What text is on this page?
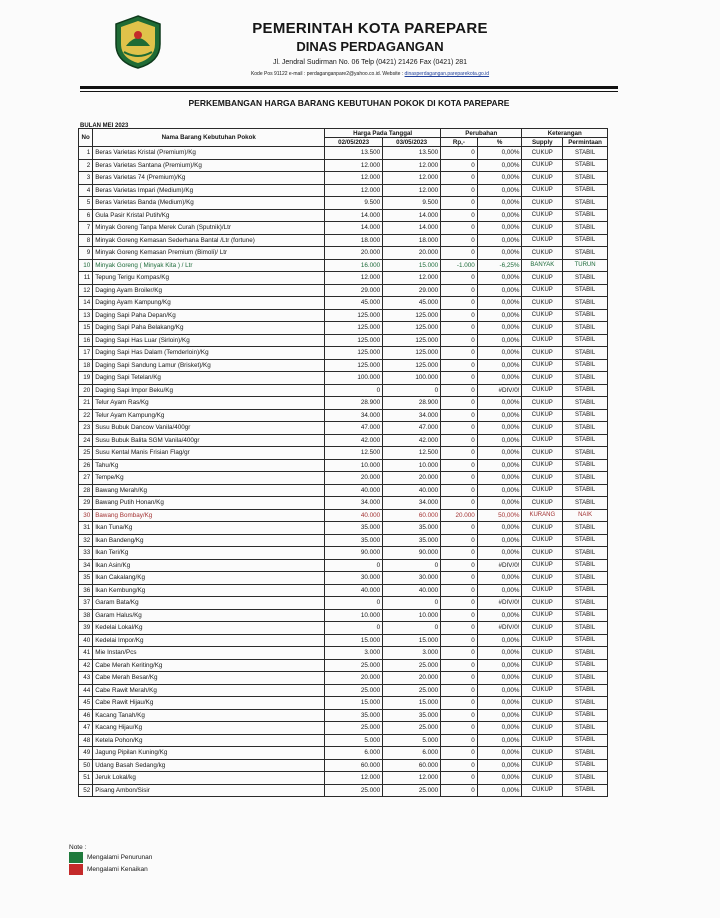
PEMERINTAH KOTA PAREPARE
DINAS PERDAGANGAN
Jl. Jendral Sudirman No. 06 Telp (0421) 21426 Fax (0421) 281
Kode Pos 91122 e-mail : perdaganganpare2@yahoo.co.id. Website : dinasperdagangan.pareparekota.go.id
PERKEMBANGAN HARGA BARANG KEBUTUHAN POKOK DI KOTA PAREPARE
BULAN MEI 2023
No	Nama Barang Kebutuhan Pokok	Harga Pada Tanggal		Perubahan		Keterangan	
		02/05/2023	03/05/2023	Rp,-	%	Supply	Permintaan
1	Beras Varietas Kristal (Premium)/Kg	13.500	13.500	0	0,00%	CUKUP	STABIL
2	Beras Varietas Santana (Premium)/Kg	12.000	12.000	0	0,00%	CUKUP	STABIL
3	Beras Varietas 74 (Premium)/Kg	12.000	12.000	0	0,00%	CUKUP	STABIL
4	Beras Varietas Impari (Medium)/Kg	12.000	12.000	0	0,00%	CUKUP	STABIL
5	Beras Varietas Banda (Medium)/Kg	9.500	9.500	0	0,00%	CUKUP	STABIL
6	Gula Pasir Kristal Putih/Kg	14.000	14.000	0	0,00%	CUKUP	STABIL
7	Minyak Goreng Tanpa Merek Curah (Sputnik)/Ltr	14.000	14.000	0	0,00%	CUKUP	STABIL
8	Minyak Goreng Kemasan Sederhana Bantal /Ltr (fortune)	18.000	18.000	0	0,00%	CUKUP	STABIL
9	Minyak Goreng Kemasan Premium (Bimoli)/ Ltr	20.000	20.000	0	0,00%	CUKUP	STABIL
10	Minyak Goreng ( Minyak Kita ) / Ltr	16.000	15.000	-1.000	-6,25%	BANYAK	TURUN
11	Tepung Terigu Kompas/Kg	12.000	12.000	0	0,00%	CUKUP	STABIL
12	Daging Ayam Broiler/Kg	29.000	29.000	0	0,00%	CUKUP	STABIL
14	Daging Ayam Kampung/Kg	45.000	45.000	0	0,00%	CUKUP	STABIL
13	Daging Sapi Paha Depan/Kg	125.000	125.000	0	0,00%	CUKUP	STABIL
15	Daging Sapi Paha Belakang/Kg	125.000	125.000	0	0,00%	CUKUP	STABIL
16	Daging Sapi Has Luar (Sirloin)/Kg	125.000	125.000	0	0,00%	CUKUP	STABIL
17	Daging Sapi Has Dalam (Temderloin)/Kg	125.000	125.000	0	0,00%	CUKUP	STABIL
18	Daging Sapi Sandung Lamur (Brisket)/Kg	125.000	125.000	0	0,00%	CUKUP	STABIL
19	Daging Sapi Tetelan/Kg	100.000	100.000	0	0,00%	CUKUP	STABIL
20	Daging Sapi Impor Beku/Kg	0	0	0	#DIV/0!	CUKUP	STABIL
21	Telur Ayam Ras/Kg	28.900	28.900	0	0,00%	CUKUP	STABIL
22	Telur Ayam Kampung/Kg	34.000	34.000	0	0,00%	CUKUP	STABIL
23	Susu Bubuk Dancow Vanila/400gr	47.000	47.000	0	0,00%	CUKUP	STABIL
24	Susu Bubuk Balita SGM Vanila/400gr	42.000	42.000	0	0,00%	CUKUP	STABIL
25	Susu Kental Manis Frisian Flag/gr	12.500	12.500	0	0,00%	CUKUP	STABIL
26	Tahu/Kg	10.000	10.000	0	0,00%	CUKUP	STABIL
27	Tempe/Kg	20.000	20.000	0	0,00%	CUKUP	STABIL
28	Bawang Merah/Kg	40.000	40.000	0	0,00%	CUKUP	STABIL
29	Bawang Putih Honan/Kg	34.000	34.000	0	0,00%	CUKUP	STABIL
30	Bawang Bombay/Kg	40.000	60.000	20.000	50,00%	KURANG	NAIK
31	Ikan Tuna/Kg	35.000	35.000	0	0,00%	CUKUP	STABIL
32	Ikan Bandeng/Kg	35.000	35.000	0	0,00%	CUKUP	STABIL
33	Ikan Teri/Kg	90.000	90.000	0	0,00%	CUKUP	STABIL
34	Ikan Asin/Kg	0	0	0	#DIV/0!	CUKUP	STABIL
35	Ikan Cakalang/Kg	30.000	30.000	0	0,00%	CUKUP	STABIL
36	Ikan Kembung/Kg	40.000	40.000	0	0,00%	CUKUP	STABIL
37	Garam Bata/Kg	0	0	0	#DIV/0!	CUKUP	STABIL
38	Garam Halus/Kg	10.000	10.000	0	0,00%	CUKUP	STABIL
39	Kedelai Lokal/Kg	0	0	0	#DIV/0!	CUKUP	STABIL
40	Kedelai Impor/Kg	15.000	15.000	0	0,00%	CUKUP	STABIL
41	Mie Instan/Pcs	3.000	3.000	0	0,00%	CUKUP	STABIL
42	Cabe Merah Keriting/Kg	25.000	25.000	0	0,00%	CUKUP	STABIL
43	Cabe Merah Besar/Kg	20.000	20.000	0	0,00%	CUKUP	STABIL
44	Cabe Rawit Merah/Kg	25.000	25.000	0	0,00%	CUKUP	STABIL
45	Cabe Rawit Hijau/Kg	15.000	15.000	0	0,00%	CUKUP	STABIL
46	Kacang Tanah/Kg	35.000	35.000	0	0,00%	CUKUP	STABIL
47	Kacang Hijau/Kg	25.000	25.000	0	0,00%	CUKUP	STABIL
48	Ketela Pohon/Kg	5.000	5.000	0	0,00%	CUKUP	STABIL
49	Jagung Pipilan Kuning/Kg	6.000	6.000	0	0,00%	CUKUP	STABIL
50	Udang Basah Sedang/kg	60.000	60.000	0	0,00%	CUKUP	STABIL
51	Jeruk Lokal/kg	12.000	12.000	0	0,00%	CUKUP	STABIL
52	Pisang Ambon/Sisir	25.000	25.000	0	0,00%	CUKUP	STABIL
Note :
Mengalami Penurunan
Mengalami Kenaikan
